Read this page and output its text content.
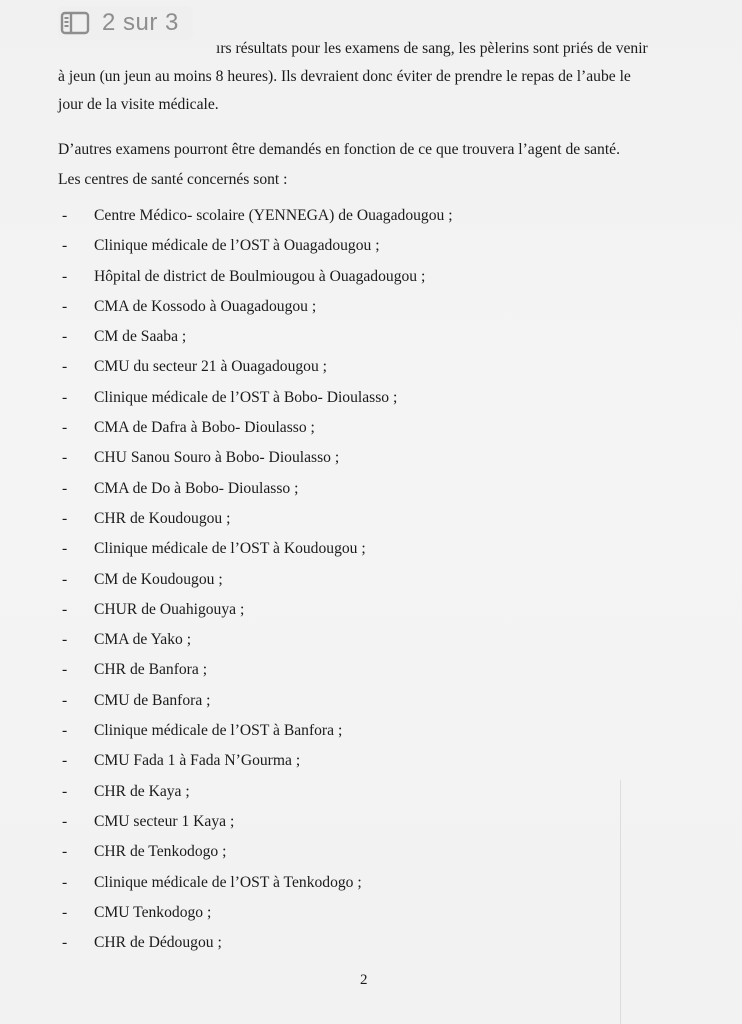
2 sur 3
ırs résultats pour les examens de sang, les pèlerins sont priés de venir
à jeun (un jeun au moins 8 heures). Ils devraient donc éviter de prendre le repas de l’aube le
jour de la visite médicale.
D’autres examens pourront être demandés en fonction de ce que trouvera l’agent de santé.
Les centres de santé concernés sont :
- Centre Médico- scolaire (YENNEGA) de Ouagadougou ;
- Clinique médicale de l’OST à Ouagadougou ;
- Hôpital de district de Boulmiougou à Ouagadougou ;
- CMA de Kossodo à Ouagadougou ;
- CM de Saaba ;
- CMU du secteur 21 à Ouagadougou ;
- Clinique médicale de l’OST à Bobo- Dioulasso ;
- CMA de Dafra à Bobo- Dioulasso ;
- CHU Sanou Souro à Bobo- Dioulasso ;
- CMA de Do à Bobo- Dioulasso ;
- CHR de Koudougou ;
- Clinique médicale de l’OST à Koudougou ;
- CM de Koudougou ;
- CHUR de Ouahigouya ;
- CMA de Yako ;
- CHR de Banfora ;
- CMU de Banfora ;
- Clinique médicale de l’OST à Banfora ;
- CMU Fada 1 à Fada N’Gourma ;
- CHR de Kaya ;
- CMU secteur 1 Kaya ;
- CHR de Tenkodogo ;
- Clinique médicale de l’OST à Tenkodogo ;
- CMU Tenkodogo ;
- CHR de Dédougou ;
2
